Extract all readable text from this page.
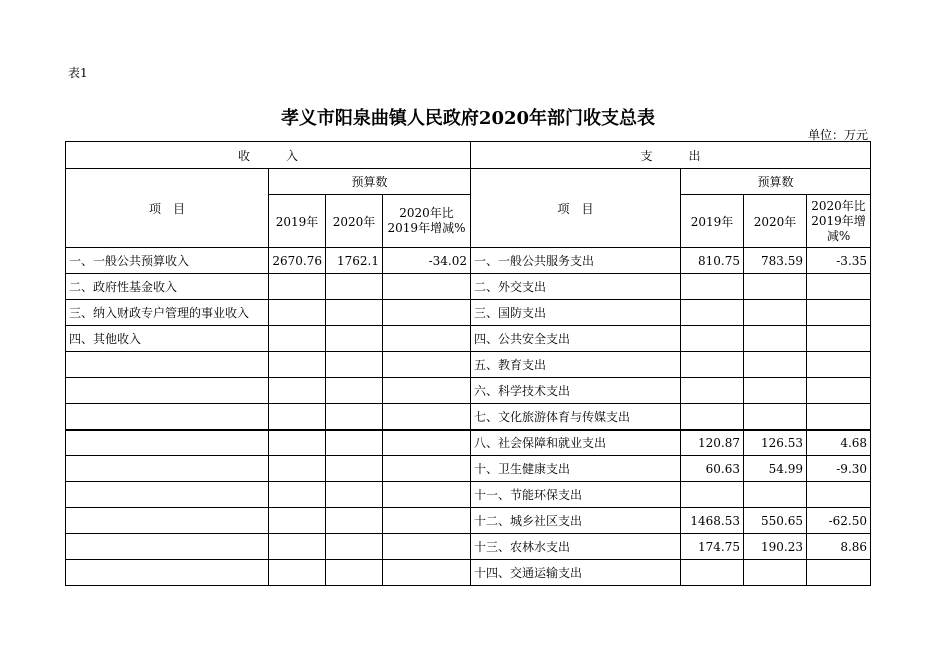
表1
孝义市阳泉曲镇人民政府2020年部门收支总表
单位：万元
收　　　入				支　　　出			
项　目	预算数			项　目	预算数		
	2019年	2020年	2020年比2019年增减%		2019年	2020年	2020年比2019年增减%
一、一般公共预算收入	2670.76	1762.1	-34.02	一、一般公共服务支出	810.75	783.59	-3.35
二、政府性基金收入				二、外交支出			
三、纳入财政专户管理的事业收入				三、国防支出			
四、其他收入				四、公共安全支出			
				五、教育支出			
				六、科学技术支出			
				七、文化旅游体育与传媒支出			
				八、社会保障和就业支出	120.87	126.53	4.68
				十、卫生健康支出	60.63	54.99	-9.30
				十一、节能环保支出			
				十二、城乡社区支出	1468.53	550.65	-62.50
				十三、农林水支出	174.75	190.23	8.86
				十四、交通运输支出			
